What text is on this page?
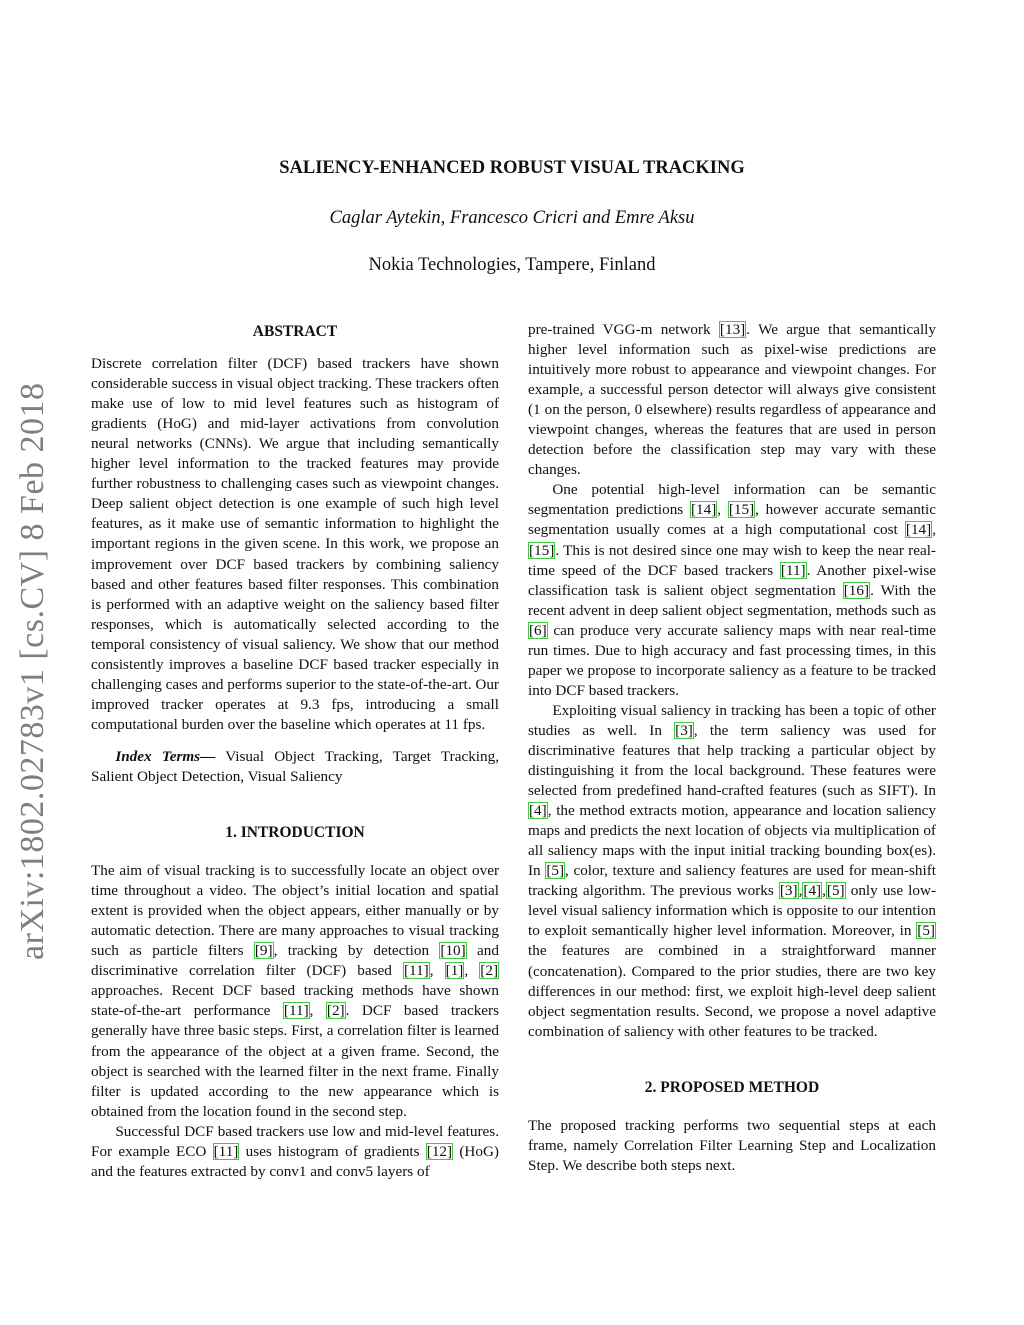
arXiv:1802.02783v1 [cs.CV] 8 Feb 2018
SALIENCY-ENHANCED ROBUST VISUAL TRACKING
Caglar Aytekin, Francesco Cricri and Emre Aksu
Nokia Technologies, Tampere, Finland
ABSTRACT

Discrete correlation filter (DCF) based trackers have shown considerable success in visual object tracking. These trackers often make use of low to mid level features such as histogram of gradients (HoG) and mid-layer activations from convolution neural networks (CNNs). We argue that including semantically higher level information to the tracked features may provide further robustness to challenging cases such as viewpoint changes. Deep salient object detection is one example of such high level features, as it make use of semantic information to highlight the important regions in the given scene. In this work, we propose an improvement over DCF based trackers by combining saliency based and other features based filter responses. This combination is performed with an adaptive weight on the saliency based filter responses, which is automatically selected according to the temporal consistency of visual saliency. We show that our method consistently improves a baseline DCF based tracker especially in challenging cases and performs superior to the state-of-the-art. Our improved tracker operates at 9.3 fps, introducing a small computational burden over the baseline which operates at 11 fps.

Index Terms— Visual Object Tracking, Target Tracking, Salient Object Detection, Visual Saliency

1. INTRODUCTION

The aim of visual tracking is to successfully locate an object over time throughout a video. The object’s initial location and spatial extent is provided when the object appears, either manually or by automatic detection. There are many approaches to visual tracking such as particle filters [9], tracking by detection [10] and discriminative correlation filter (DCF) based [11], [1], [2] approaches. Recent DCF based tracking methods have shown state-of-the-art performance [11], [2]. DCF based trackers generally have three basic steps. First, a correlation filter is learned from the appearance of the object at a given frame. Second, the object is searched with the learned filter in the next frame. Finally filter is updated according to the new appearance which is obtained from the location found in the second step.

Successful DCF based trackers use low and mid-level features. For example ECO [11] uses histogram of gradients [12] (HoG) and the features extracted by conv1 and conv5 layers of

pre-trained VGG-m network [13]. We argue that semantically higher level information such as pixel-wise predictions are intuitively more robust to appearance and viewpoint changes. For example, a successful person detector will always give consistent (1 on the person, 0 elsewhere) results regardless of appearance and viewpoint changes, whereas the features that are used in person detection before the classification step may vary with these changes.

One potential high-level information can be semantic segmentation predictions [14], [15], however accurate semantic segmentation usually comes at a high computational cost [14], [15]. This is not desired since one may wish to keep the near real-time speed of the DCF based trackers [11]. Another pixel-wise classification task is salient object segmentation [16]. With the recent advent in deep salient object segmentation, methods such as [6] can produce very accurate saliency maps with near real-time run times. Due to high accuracy and fast processing times, in this paper we propose to incorporate saliency as a feature to be tracked into DCF based trackers.

Exploiting visual saliency in tracking has been a topic of other studies as well. In [3], the term saliency was used for discriminative features that help tracking a particular object by distinguishing it from the local background. These features were selected from predefined hand-crafted features (such as SIFT). In [4], the method extracts motion, appearance and location saliency maps and predicts the next location of objects via multiplication of all saliency maps with the input initial tracking bounding box(es). In [5], color, texture and saliency features are used for mean-shift tracking algorithm. The previous works [3],[4],[5] only use low-level visual saliency information which is opposite to our intention to exploit semantically higher level information. Moreover, in [5] the features are combined in a straightforward manner (concatenation). Compared to the prior studies, there are two key differences in our method: first, we exploit high-level deep salient object segmentation results. Second, we propose a novel adaptive combination of saliency with other features to be tracked.

2. PROPOSED METHOD

The proposed tracking performs two sequential steps at each frame, namely Correlation Filter Learning Step and Localization Step. We describe both steps next.
